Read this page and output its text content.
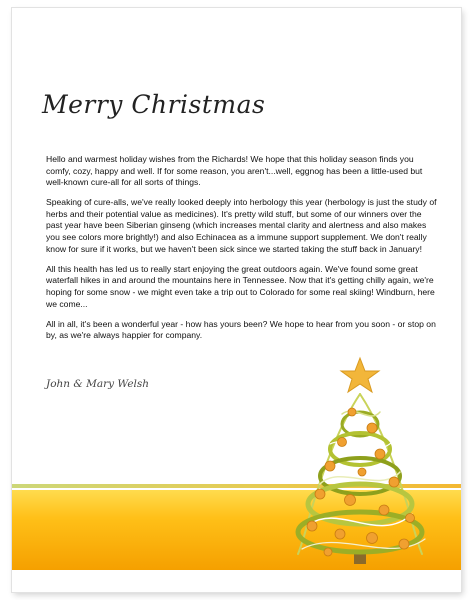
Merry Christmas

Hello and warmest holiday wishes from the Richards! We hope that this holiday season finds you comfy, cozy, happy and well. If for some reason, you aren't...well, eggnog has been a little-used but well-known cure-all for all sorts of things.

Speaking of cure-alls, we've really looked deeply into herbology this year (herbology is just the study of herbs and their potential value as medicines). It's pretty wild stuff, but some of our winners over the past year have been Siberian ginseng (which increases mental clarity and alertness and also makes you see colors more brightly!) and also Echinacea as a immune support supplement. We don't really know for sure if it works, but we haven't been sick since we started taking the stuff back in January!

All this health has led us to really start enjoying the great outdoors again. We've found some great waterfall hikes in and around the mountains here in Tennessee. Now that it's getting chilly again, we're hoping for some snow - we might even take a trip out to Colorado for some real skiing! Windburn, here we come...

All in all, it's been a wonderful year - how has yours been? We hope to hear from you soon - or stop on by, as we're always happier for company.

John & Mary Welsh
